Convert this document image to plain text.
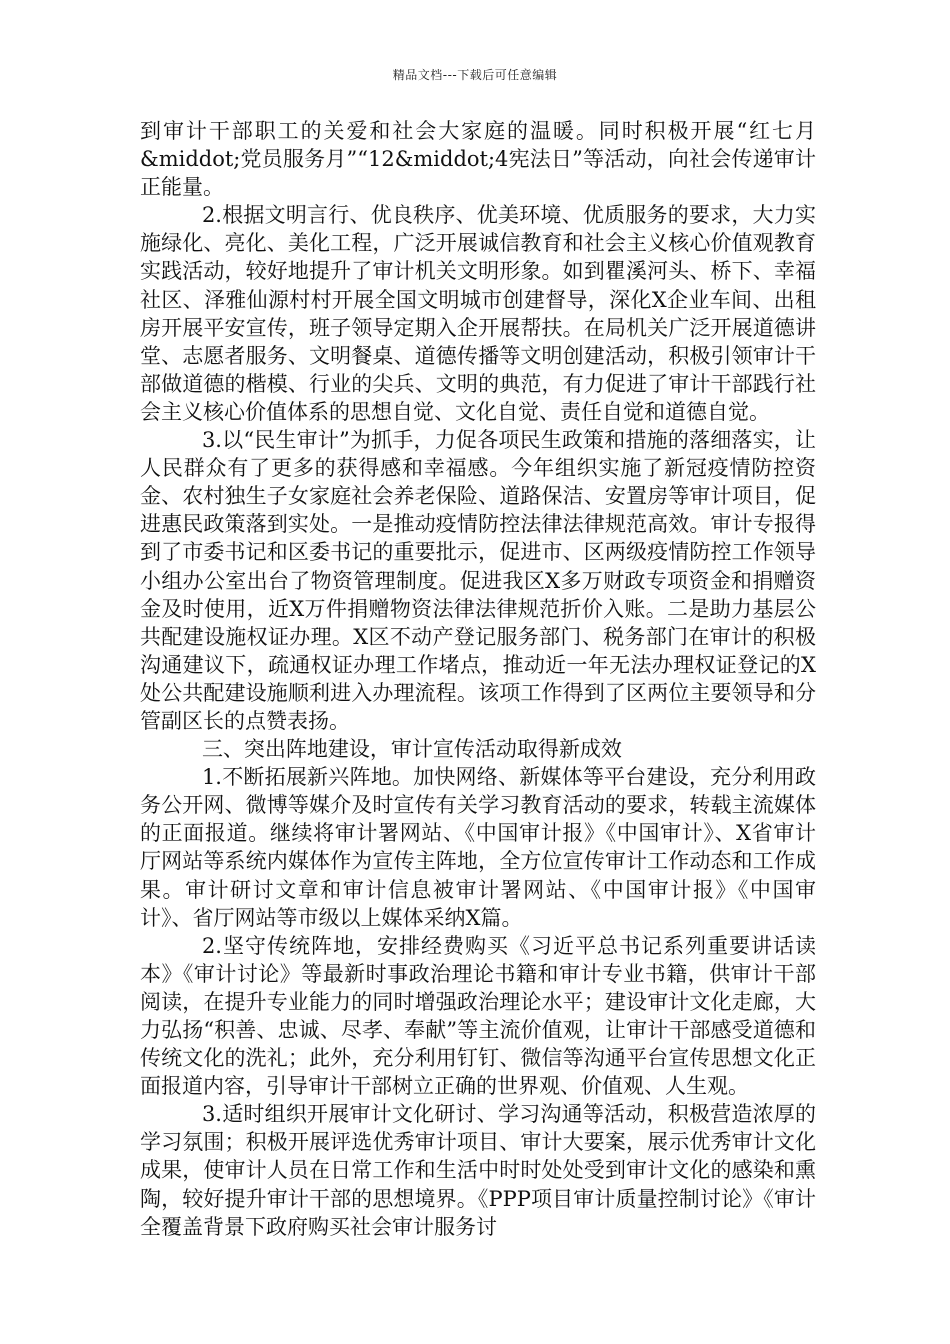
精品文档---下载后可任意编辑

到审计干部职工的关爱和社会大家庭的温暖。同时积极开展“红七月&middot;党员服务月”“12&middot;4宪法日”等活动，向社会传递审计正能量。

2.根据文明言行、优良秩序、优美环境、优质服务的要求，大力实施绿化、亮化、美化工程，广泛开展诚信教育和社会主义核心价值观教育实践活动，较好地提升了审计机关文明形象。如到瞿溪河头、桥下、幸福社区、泽雅仙源村村开展全国文明城市创建督导，深化X企业车间、出租房开展平安宣传，班子领导定期入企开展帮扶。在局机关广泛开展道德讲堂、志愿者服务、文明餐桌、道德传播等文明创建活动，积极引领审计干部做道德的楷模、行业的尖兵、文明的典范，有力促进了审计干部践行社会主义核心价值体系的思想自觉、文化自觉、责任自觉和道德自觉。

3.以“民生审计”为抓手，力促各项民生政策和措施的落细落实，让人民群众有了更多的获得感和幸福感。今年组织实施了新冠疫情防控资金、农村独生子女家庭社会养老保险、道路保洁、安置房等审计项目，促进惠民政策落到实处。一是推动疫情防控法律法律规范高效。审计专报得到了市委书记和区委书记的重要批示，促进市、区两级疫情防控工作领导小组办公室出台了物资管理制度。促进我区X多万财政专项资金和捐赠资金及时使用，近X万件捐赠物资法律法律规范折价入账。二是助力基层公共配建设施权证办理。X区不动产登记服务部门、税务部门在审计的积极沟通建议下，疏通权证办理工作堵点，推动近一年无法办理权证登记的X处公共配建设施顺利进入办理流程。该项工作得到了区两位主要领导和分管副区长的点赞表扬。

三、突出阵地建设，审计宣传活动取得新成效

1.不断拓展新兴阵地。加快网络、新媒体等平台建设，充分利用政务公开网、微博等媒介及时宣传有关学习教育活动的要求，转载主流媒体的正面报道。继续将审计署网站、《中国审计报》《中国审计》、X省审计厅网站等系统内媒体作为宣传主阵地，全方位宣传审计工作动态和工作成果。审计研讨文章和审计信息被审计署网站、《中国审计报》《中国审计》、省厅网站等市级以上媒体采纳X篇。

2.坚守传统阵地，安排经费购买《习近平总书记系列重要讲话读本》《审计讨论》等最新时事政治理论书籍和审计专业书籍，供审计干部阅读，在提升专业能力的同时增强政治理论水平；建设审计文化走廊，大力弘扬“积善、忠诚、尽孝、奉献”等主流价值观，让审计干部感受道德和传统文化的洗礼；此外，充分利用钉钉、微信等沟通平台宣传思想文化正面报道内容，引导审计干部树立正确的世界观、价值观、人生观。

3.适时组织开展审计文化研讨、学习沟通等活动，积极营造浓厚的学习氛围；积极开展评选优秀审计项目、审计大要案，展示优秀审计文化成果，使审计人员在日常工作和生活中时时处处受到审计文化的感染和熏陶，较好提升审计干部的思想境界。《PPP项目审计质量控制讨论》《审计全覆盖背景下政府购买社会审计服务讨
